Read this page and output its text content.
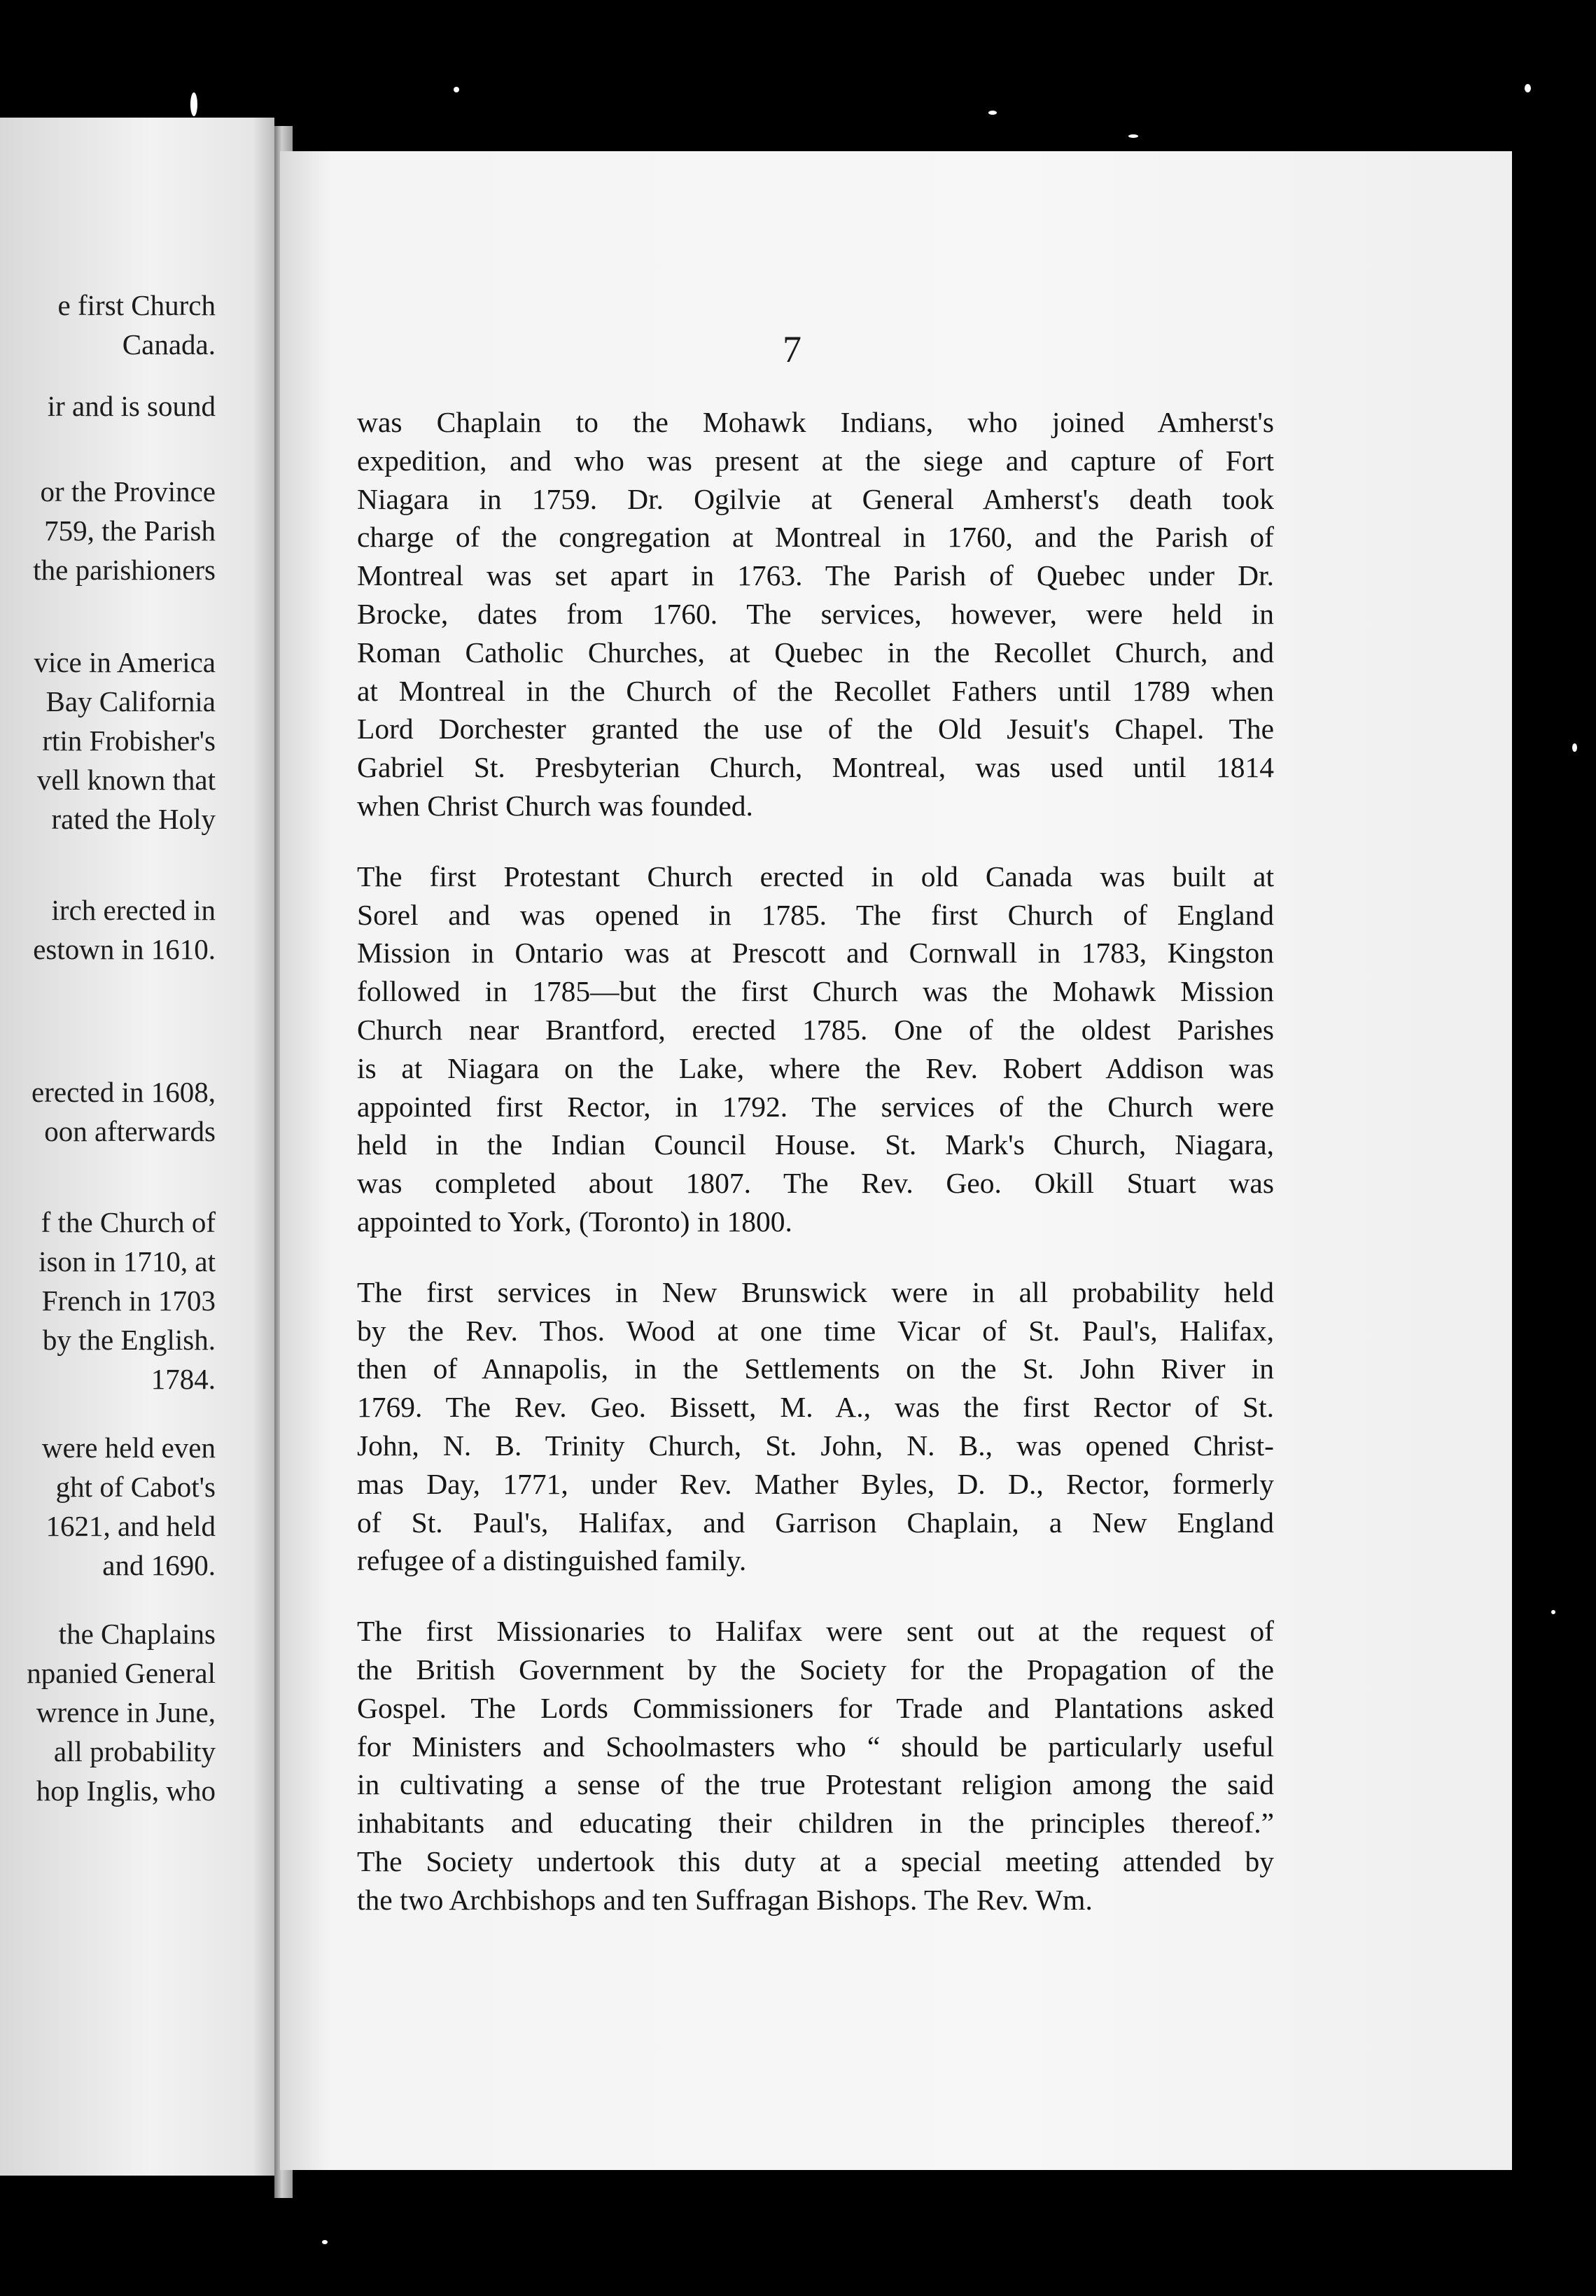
e first Church
Canada.
ir and is sound
or the Province
759, the Parish
the parishioners
vice in America
Bay California
rtin Frobisher's
vell known that
rated the Holy
irch erected in
estown in 1610.
erected in 1608,
oon afterwards
f the Church of
ison in 1710, at
French in 1703
by the English.
1784.
were held even
ght of Cabot's
1621, and held
and 1690.
the Chaplains
npanied General
wrence in June,
all probability
hop Inglis, who
7

was Chaplain to the Mohawk Indians, who joined Amherst's
expedition, and who was present at the siege and capture of Fort
Niagara in 1759. Dr. Ogilvie at General Amherst's death took
charge of the congregation at Montreal in 1760, and the Parish of
Montreal was set apart in 1763. The Parish of Quebec under Dr.
Brocke, dates from 1760. The services, however, were held in
Roman Catholic Churches, at Quebec in the Recollet Church, and
at Montreal in the Church of the Recollet Fathers until 1789 when
Lord Dorchester granted the use of the Old Jesuit's Chapel. The
Gabriel St. Presbyterian Church, Montreal, was used until 1814
when Christ Church was founded.

The first Protestant Church erected in old Canada was built at
Sorel and was opened in 1785. The first Church of England
Mission in Ontario was at Prescott and Cornwall in 1783, Kingston
followed in 1785—but the first Church was the Mohawk Mission
Church near Brantford, erected 1785. One of the oldest Parishes
is at Niagara on the Lake, where the Rev. Robert Addison was
appointed first Rector, in 1792. The services of the Church were
held in the Indian Council House. St. Mark's Church, Niagara,
was completed about 1807. The Rev. Geo. Okill Stuart was
appointed to York, (Toronto) in 1800.

The first services in New Brunswick were in all probability held
by the Rev. Thos. Wood at one time Vicar of St. Paul's, Halifax,
then of Annapolis, in the Settlements on the St. John River in
1769. The Rev. Geo. Bissett, M. A., was the first Rector of St.
John, N. B. Trinity Church, St. John, N. B., was opened Christ-
mas Day, 1771, under Rev. Mather Byles, D. D., Rector, formerly
of St. Paul's, Halifax, and Garrison Chaplain, a New England
refugee of a distinguished family.

The first Missionaries to Halifax were sent out at the request of
the British Government by the Society for the Propagation of the
Gospel. The Lords Commissioners for Trade and Plantations asked
for Ministers and Schoolmasters who “ should be particularly useful
in cultivating a sense of the true Protestant religion among the said
inhabitants and educating their children in the principles thereof.”
The Society undertook this duty at a special meeting attended by
the two Archbishops and ten Suffragan Bishops. The Rev. Wm.
